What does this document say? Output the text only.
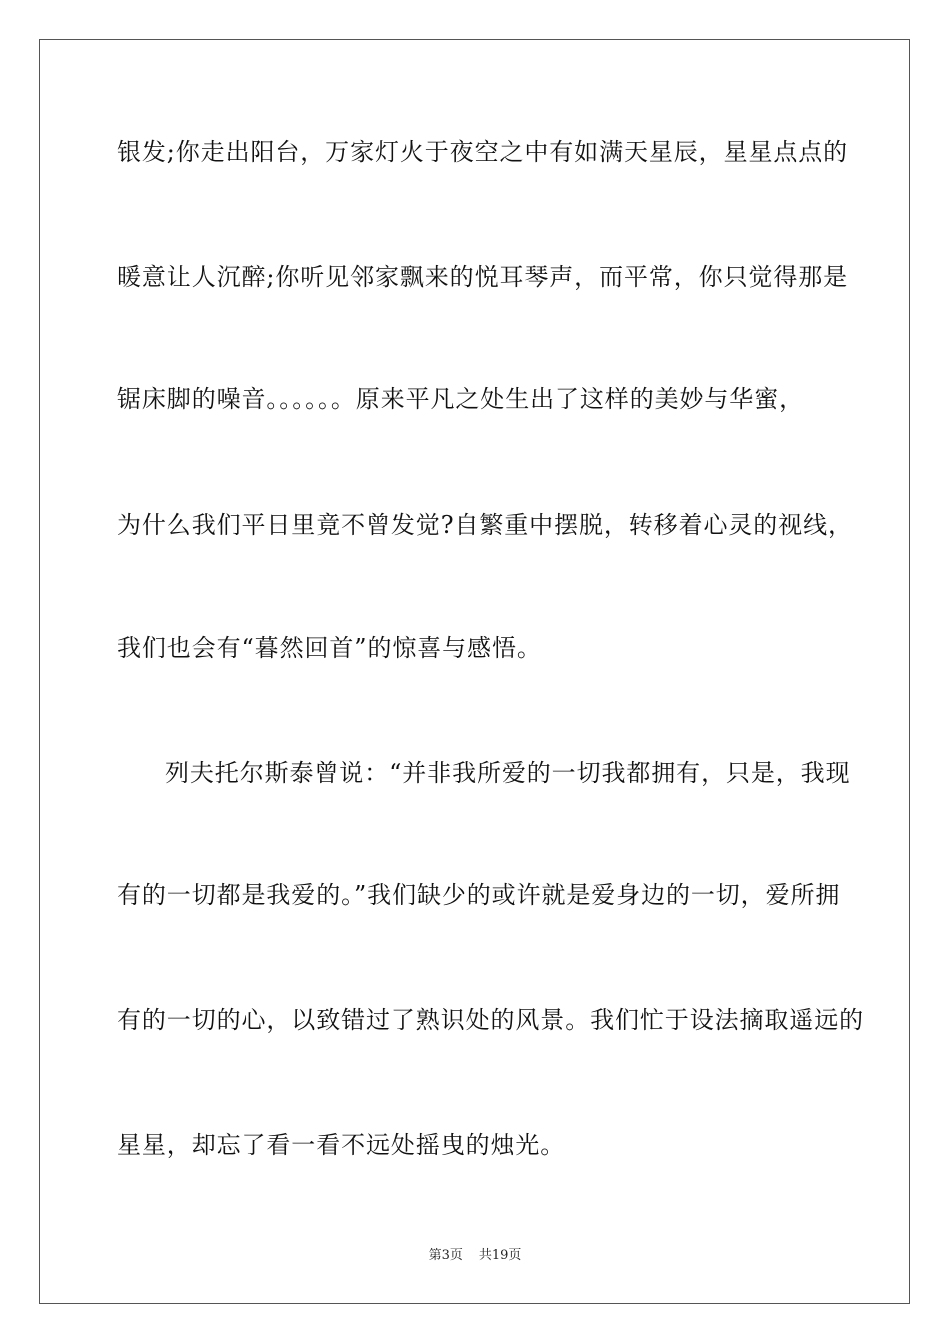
银发;你走出阳台，万家灯火于夜空之中有如满天星辰，星星点点的
暖意让人沉醉;你听见邻家飘来的悦耳琴声，而平常，你只觉得那是
锯床脚的噪音。。。。。。原来平凡之处生出了这样的美妙与华蜜，
为什么我们平日里竟不曾发觉?自繁重中摆脱，转移着心灵的视线，
我们也会有“暮然回首”的惊喜与感悟。
列夫托尔斯泰曾说：“并非我所爱的一切我都拥有，只是，我现
有的一切都是我爱的。”我们缺少的或许就是爱身边的一切，爱所拥
有的一切的心，以致错过了熟识处的风景。我们忙于设法摘取遥远的
星星，却忘了看一看不远处摇曳的烛光。
第3页 共19页
